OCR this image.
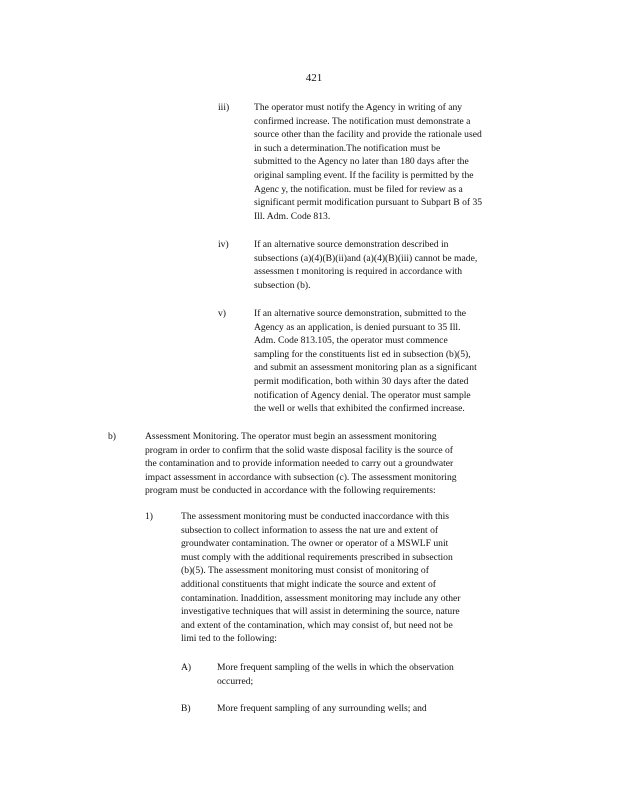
421
iii)	The operator must notify the Agency in writing of any
confirmed increase. The notification must demonstrate a
source other than the facility and provide the rationale used
in such a determination.The notification must be
submitted to the Agency no later than 180 days after the
original sampling event. If the facility is permitted by the
Agenc y, the notification. must be filed for review as a
significant permit modification pursuant to Subpart B of 35
Ill. Adm. Code 813.
iv)	If an alternative source demonstration described in
subsections (a)(4)(B)(ii)and (a)(4)(B)(iii) cannot be made,
assessmen t monitoring is required in accordance with
subsection (b).
v)	If an alternative source demonstration, submitted to the
Agency as an application, is denied pursuant to 35 Ill.
Adm. Code 813.105, the operator must commence
sampling for the constituents list ed in subsection (b)(5),
and submit an assessment monitoring plan as a significant
permit modification, both within 30 days after the dated
notification of Agency denial. The operator must sample
the well or wells that exhibited the confirmed increase.
b)	Assessment Monitoring. The operator must begin an assessment monitoring
program in order to confirm that the solid waste disposal facility is the source of
the contamination and to provide information needed to carry out a groundwater
impact assessment in accordance with subsection (c). The assessment monitoring
program must be conducted in accordance with the following requirements:
1)	The assessment monitoring must be conducted inaccordance with this
subsection to collect information to assess the nat ure and extent of
groundwater contamination. The owner or operator of a MSWLF unit
must comply with the additional requirements prescribed in subsection
(b)(5). The assessment monitoring must consist of monitoring of
additional constituents that might indicate the source and extent of
contamination. Inaddition, assessment monitoring may include any other
investigative techniques that will assist in determining the source, nature
and extent of the contamination, which may consist of, but need not be
limi ted to the following:
A)	More frequent sampling of the wells in which the observation
occurred;
B)	More frequent sampling of any surrounding wells; and
